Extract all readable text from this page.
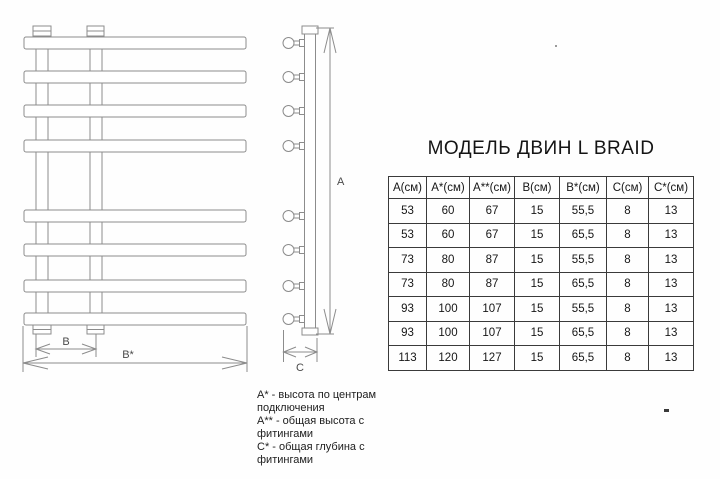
B
B*
A
C
МОДЕЛЬ ДВИН L BRAID
А(см)	А*(см)	А**(см)	В(см)	В*(см)	С(см)	С*(см)
53	60	67	15	55,5	8	13
53	60	67	15	65,5	8	13
73	80	87	15	55,5	8	13
73	80	87	15	65,5	8	13
93	100	107	15	55,5	8	13
93	100	107	15	65,5	8	13
113	120	127	15	65,5	8	13
А* - высота по центрам
подключения
А** - общая высота с
фитингами
С* - общая глубина с
фитингами
